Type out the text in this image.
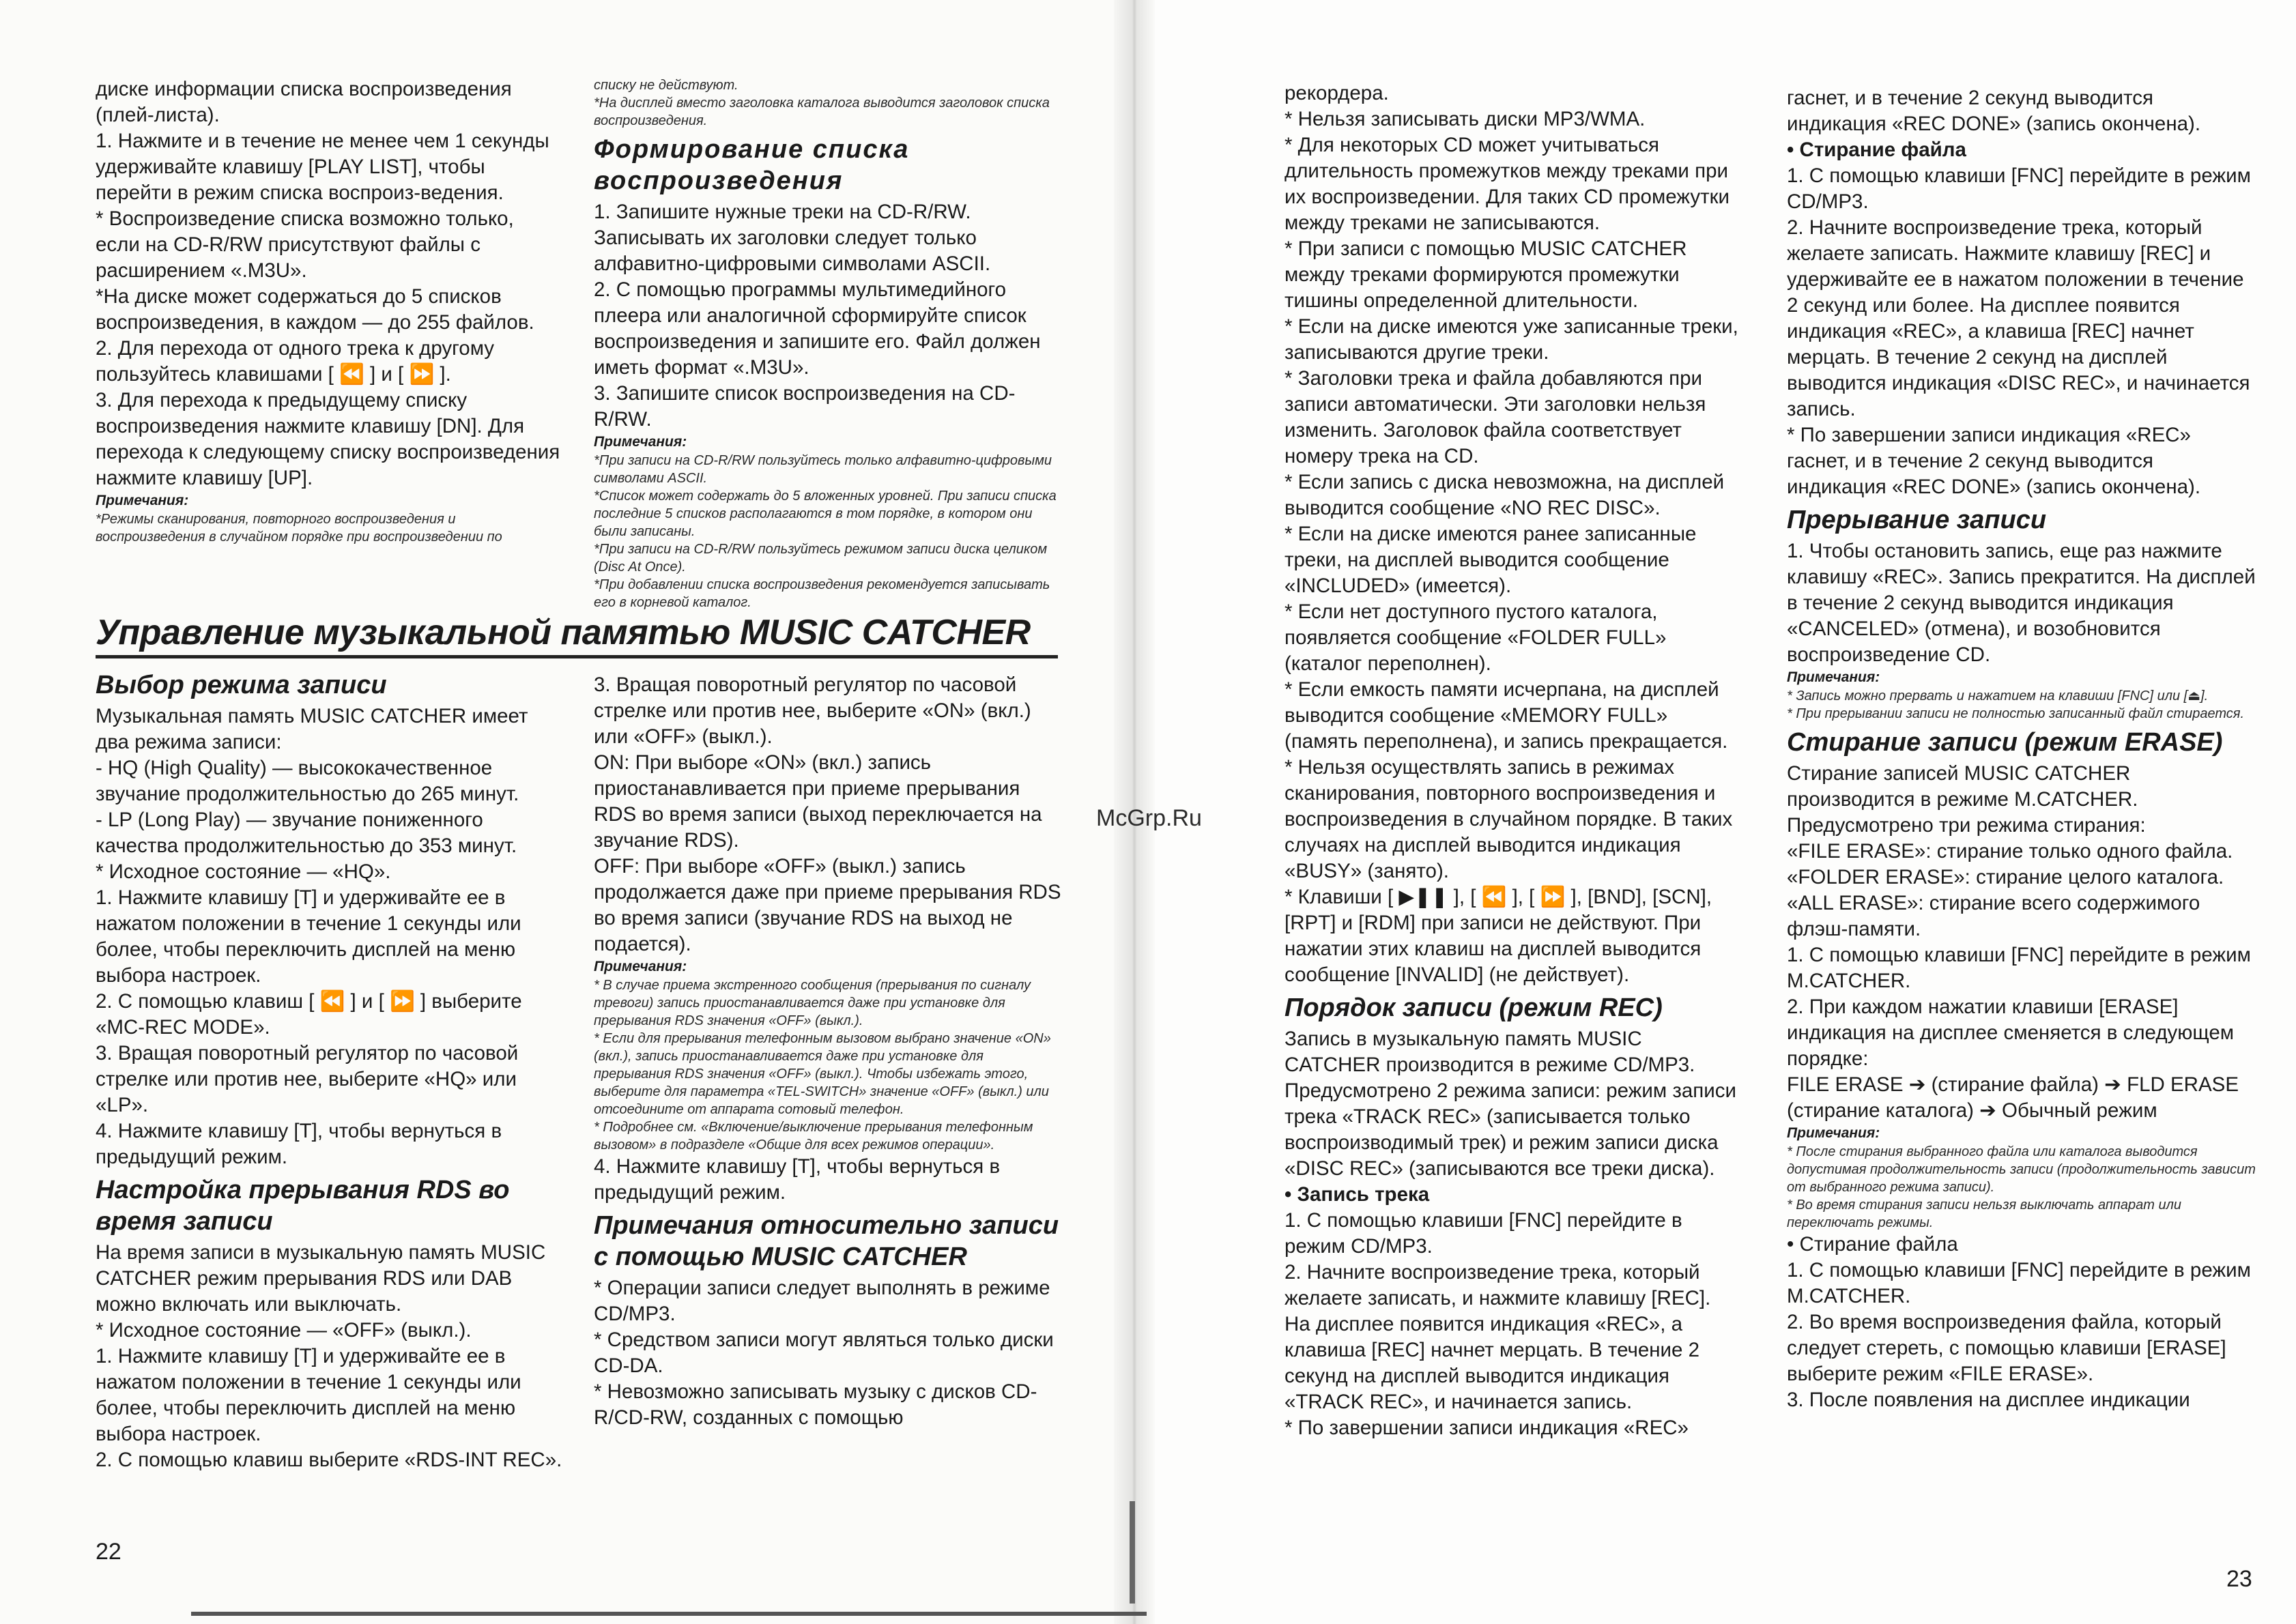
диске информации списка воспроизведения (плей-листа).

1. Нажмите и в течение не менее чем 1 секунды удерживайте клавишу [PLAY LIST], чтобы перейти в режим списка воспроиз-ведения.

* Воспроизведение списка возможно только, если на CD-R/RW присутствуют файлы с расширением «.M3U».

*На диске может содержаться до 5 списков воспроизведения, в каждом — до 255 файлов.

2. Для перехода от одного трека к другому пользуйтесь клавишами [ ⏪ ] и [ ⏩ ].

3. Для перехода к предыдущему списку воспроизведения нажмите клавишу [DN]. Для перехода к следующему списку воспроизведения нажмите клавишу [UP].

Примечания:

*Режимы сканирования, повторного воспроизведения и воспроизведения в случайном порядке при воспроизведении по

списку не действуют.

*На дисплей вместо заголовка каталога выводится заголовок списка воспроизведения.

Формирование списка воспроизведения

1. Запишите нужные треки на CD-R/RW. Записывать их заголовки следует только алфавитно-цифровыми символами ASCII.

2. С помощью программы мультимедийного плеера или аналогичной сформируйте список воспроизведения и запишите его. Файл должен иметь формат «.M3U».

3. Запишите список воспроизведения на CD-R/RW.

Примечания:

*При записи на CD-R/RW пользуйтесь только алфавитно-цифровыми символами ASCII.

*Список может содержать до 5 вложенных уровней. При записи списка последние 5 списков располагаются в том порядке, в котором они были записаны.

*При записи на CD-R/RW пользуйтесь режимом записи диска целиком (Disc At Once).

*При добавлении списка воспроизведения рекомендуется записывать его в корневой каталог.

Управление музыкальной памятью MUSIC CATCHER

Выбор режима записи

Музыкальная память MUSIC CATCHER имеет два режима записи:

- HQ (High Quality) — высококачественное звучание продолжительностью до 265 минут.

- LP (Long Play) — звучание пониженного качества продолжительностью до 353 минут.

* Исходное состояние — «HQ».

1. Нажмите клавишу [T] и удерживайте ее в нажатом положении в течение 1 секунды или более, чтобы переключить дисплей на меню выбора настроек.

2. С помощью клавиш [ ⏪ ] и [ ⏩ ] выберите «MC-REC MODE».

3. Вращая поворотный регулятор по часовой стрелке или против нее, выберите «HQ» или «LP».

4. Нажмите клавишу [T], чтобы вернуться в предыдущий режим.

Настройка прерывания RDS во время записи

На время записи в музыкальную память MUSIC CATCHER режим прерывания RDS или DAB можно включать или выключать.

* Исходное состояние — «OFF» (выкл.).

1. Нажмите клавишу [T] и удерживайте ее в нажатом положении в течение 1 секунды или более, чтобы переключить дисплей на меню выбора настроек.

2. С помощью клавиш выберите «RDS-INT REC».

3. Вращая поворотный регулятор по часовой стрелке или против нее, выберите «ON» (вкл.) или «OFF» (выкл.).

ON: При выборе «ON» (вкл.) запись приостанавливается при приеме прерывания RDS во время записи (выход переключается на звучание RDS).

OFF: При выборе «OFF» (выкл.) запись продолжается даже при приеме прерывания RDS во время записи (звучание RDS на выход не подается).

Примечания:

* В случае приема экстренного сообщения (прерывания по сигналу тревоги) запись приостанавливается даже при установке для прерывания RDS значения «OFF» (выкл.).

* Если для прерывания телефонным вызовом выбрано значение «ON» (вкл.), запись приостанавливается даже при установке для прерывания RDS значения «OFF» (выкл.). Чтобы избежать этого, выберите для параметра «TEL-SWITCH» значение «OFF» (выкл.) или отсоедините от аппарата сотовый телефон.

* Подробнее см. «Включение/выключение прерывания телефонным вызовом» в подразделе «Общие для всех режимов операции».

4. Нажмите клавишу [T], чтобы вернуться в предыдущий режим.

Примечания относительно записи с помощью MUSIC CATCHER

* Операции записи следует выполнять в режиме CD/MP3.

* Средством записи могут являться только диски CD-DA.

* Невозможно записывать музыку с дисков CD-R/CD-RW, созданных с помощью

22
McGrp.Ru

рекордера.

* Нельзя записывать диски MP3/WMA.

* Для некоторых CD может учитываться длительность промежутков между треками при их воспроизведении. Для таких CD промежутки между треками не записываются.

* При записи с помощью MUSIC CATCHER между треками формируются промежутки тишины определенной длительности.

* Если на диске имеются уже записанные треки, записываются другие треки.

* Заголовки трека и файла добавляются при записи автоматически. Эти заголовки нельзя изменить. Заголовок файла соответствует номеру трека на CD.

* Если запись с диска невозможна, на дисплей выводится сообщение «NO REC DISC».

* Если на диске имеются ранее записанные треки, на дисплей выводится сообщение «INCLUDED» (имеется).

* Если нет доступного пустого каталога, появляется сообщение «FOLDER FULL» (каталог переполнен).

* Если емкость памяти исчерпана, на дисплей выводится сообщение «MEMORY FULL» (память переполнена), и запись прекращается.

* Нельзя осуществлять запись в режимах сканирования, повторного воспроизведения и воспроизведения в случайном порядке. В таких случаях на дисплей выводится индикация «BUSY» (занято).

* Клавиши [ ▶❚❚ ], [ ⏪ ], [ ⏩ ], [BND], [SCN], [RPT] и [RDM] при записи не действуют. При нажатии этих клавиш на дисплей выводится сообщение [INVALID] (не действует).

Порядок записи (режим REC)

Запись в музыкальную память MUSIC CATCHER производится в режиме CD/MP3. Предусмотрено 2 режима записи: режим записи трека «TRACK REC» (записывается только воспроизводимый трек) и режим записи диска «DISC REC» (записываются все треки диска).

• Запись трека

1. С помощью клавиши [FNC] перейдите в режим CD/MP3.

2. Начните воспроизведение трека, который желаете записать, и нажмите клавишу [REC]. На дисплее появится индикация «REC», а клавиша [REC] начнет мерцать. В течение 2 секунд на дисплей выводится индикация «TRACK REC», и начинается запись.

* По завершении записи индикация «REC»

гаснет, и в течение 2 секунд выводится индикация «REC DONE» (запись окончена).

• Стирание файла

1. С помощью клавиши [FNC] перейдите в режим CD/MP3.

2. Начните воспроизведение трека, который желаете записать. Нажмите клавишу [REC] и удерживайте ее в нажатом положении в течение 2 секунд или более. На дисплее появится индикация «REC», а клавиша [REC] начнет мерцать. В течение 2 секунд на дисплей выводится индикация «DISC REC», и начинается запись.

* По завершении записи индикация «REC» гаснет, и в течение 2 секунд выводится индикация «REC DONE» (запись окончена).

Прерывание записи

1. Чтобы остановить запись, еще раз нажмите клавишу «REC». Запись прекратится. На дисплей в течение 2 секунд выводится индикация «CANCELED» (отмена), и возобновится воспроизведение CD.

Примечания:

* Запись можно прервать и нажатием на клавиши [FNC] или [⏏].

* При прерывании записи не полностью записанный файл стирается.

Стирание записи (режим ERASE)

Стирание записей MUSIC CATCHER производится в режиме M.CATCHER. Предусмотрено три режима стирания:

«FILE ERASE»: стирание только одного файла.

«FOLDER ERASE»: стирание целого каталога.

«ALL ERASE»: стирание всего содержимого флэш-памяти.

1. С помощью клавиши [FNC] перейдите в режим M.CATCHER.

2. При каждом нажатии клавиши [ERASE] индикация на дисплее сменяется в следующем порядке:

FILE ERASE ➔ (стирание файла) ➔ FLD ERASE (стирание каталога) ➔ Обычный режим

Примечания:

* После стирания выбранного файла или каталога выводится допустимая продолжительность записи (продолжительность зависит от выбранного режима записи).

* Во время стирания записи нельзя выключать аппарат или переключать режимы.

• Стирание файла

1. С помощью клавиши [FNC] перейдите в режим M.CATCHER.

2. Во время воспроизведения файла, который следует стереть, с помощью клавиши [ERASE] выберите режим «FILE ERASE».

3. После появления на дисплее индикации

23
